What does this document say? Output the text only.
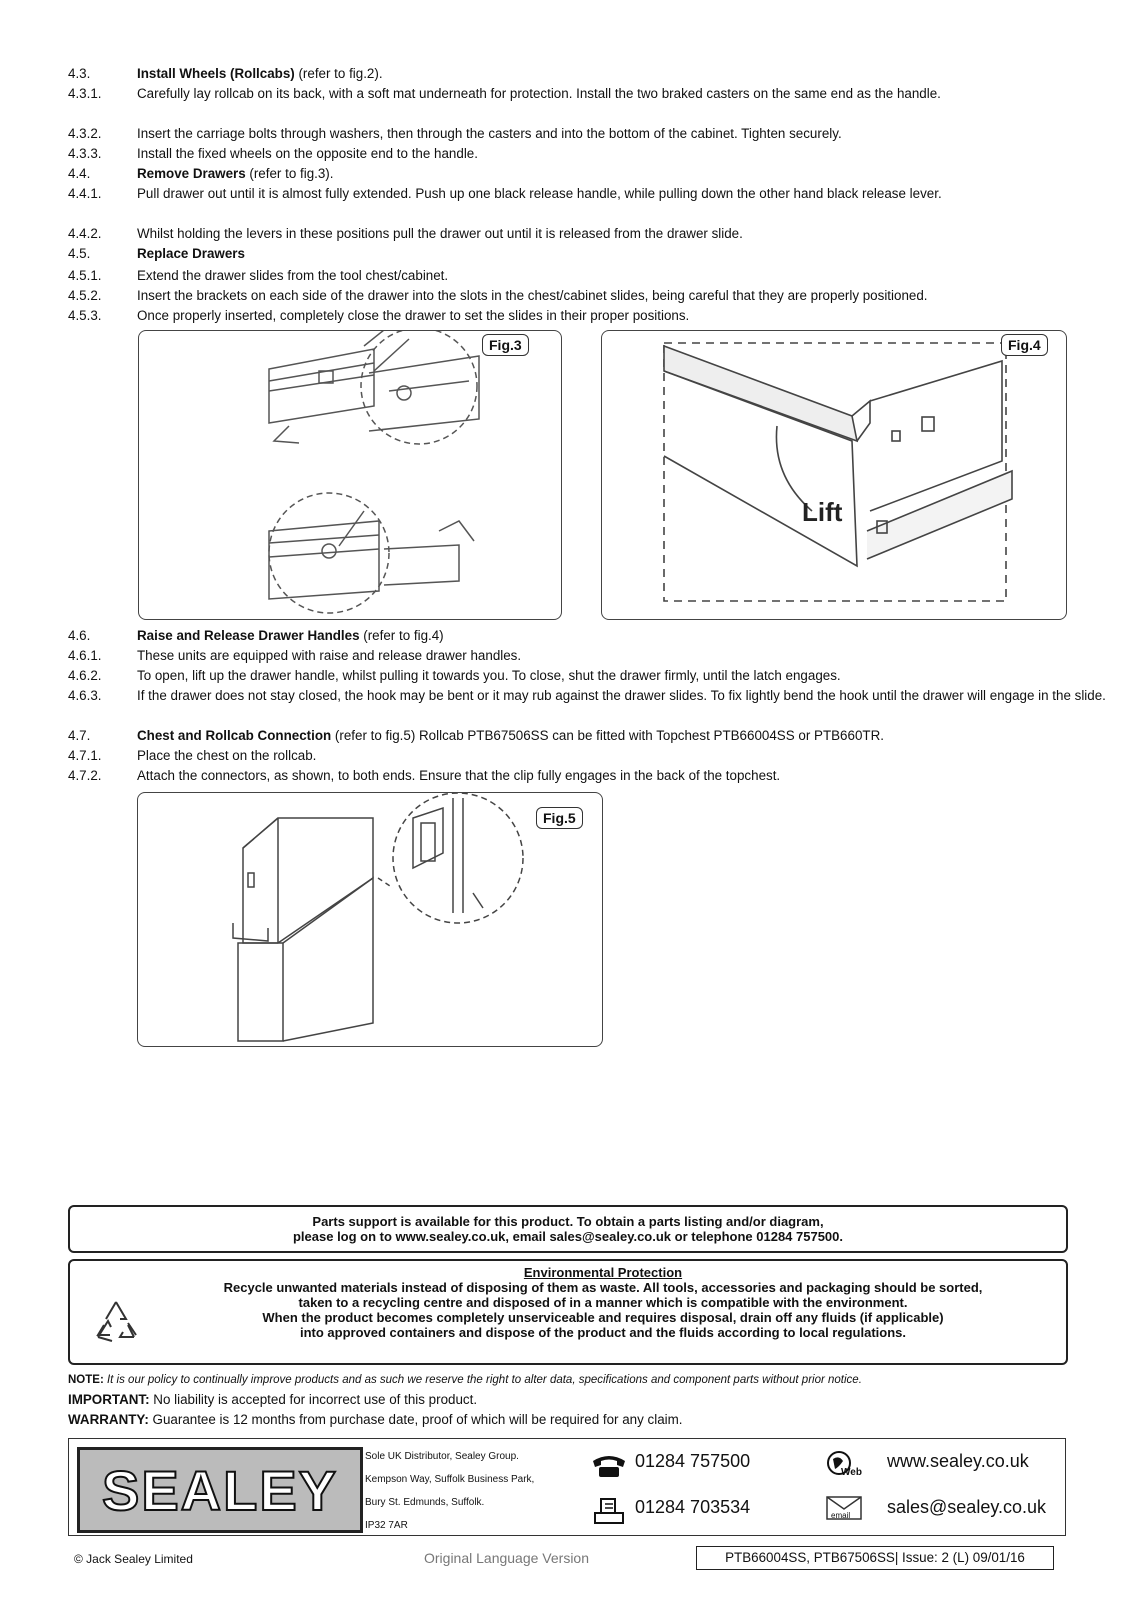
4.3.	Install Wheels (Rollcabs) (refer to fig.2).
4.3.1.	Carefully lay rollcab on its back, with a soft mat underneath for protection. Install the two braked casters on the same end as the handle.
4.3.2.	Insert the carriage bolts through washers, then through the casters and into the bottom of the cabinet. Tighten securely.
4.3.3.	Install the fixed wheels on the opposite end to the handle.
4.4.	Remove Drawers (refer to fig.3).
4.4.1.	Pull drawer out until it is almost fully extended. Push up one black release handle, while pulling down the other hand black release lever.
4.4.2.	Whilst holding the levers in these positions pull the drawer out until it is released from the drawer slide.
4.5.	Replace Drawers
4.5.1.	Extend the drawer slides from the tool chest/cabinet.
4.5.2.	Insert the brackets on each side of the drawer into the slots in the chest/cabinet slides, being careful that they are properly positioned.
4.5.3.	Once properly inserted, completely close the drawer to set the slides in their proper positions.
Fig.3
Lift
Fig.4
4.6.	Raise and Release Drawer Handles (refer to fig.4)
4.6.1.	These units are equipped with raise and release drawer handles.
4.6.2.	To open, lift up the drawer handle, whilst pulling it towards you. To close, shut the drawer firmly, until the latch engages.
4.6.3.	If the drawer does not stay closed, the hook may be bent or it may rub against the drawer slides. To fix lightly bend the hook until the drawer will engage in the slide.
4.7.	Chest and Rollcab Connection (refer to fig.5) Rollcab PTB67506SS can be fitted with Topchest PTB66004SS or PTB660TR.
4.7.1.	Place the chest on the rollcab.
4.7.2.	Attach the connectors, as shown, to both ends. Ensure that the clip fully engages in the back of the topchest.
Fig.5
Parts support is available for this product. To obtain a parts listing and/or diagram,
please log on to www.sealey.co.uk, email sales@sealey.co.uk or telephone 01284 757500.
Environmental Protection
Recycle unwanted materials instead of disposing of them as waste. All tools, accessories and packaging should be sorted,
taken to a recycling centre and disposed of in a manner which is compatible with the environment.
When the product becomes completely unserviceable and requires disposal, drain off any fluids (if applicable)
into approved containers and dispose of the product and the fluids according to local regulations.
NOTE: It is our policy to continually improve products and as such we reserve the right to alter data, specifications and component parts without prior notice.
IMPORTANT: No liability is accepted for incorrect use of this product.
WARRANTY: Guarantee is 12 months from purchase date, proof of which will be required for any claim.
SEALEY
Sole UK Distributor, Sealey Group.
Kempson Way, Suffolk Business Park,
Bury St. Edmunds, Suffolk.
IP32 7AR
01284 757500
01284 703534
Web
www.sealey.co.uk
email sales@sealey.co.uk
© Jack Sealey Limited	Original Language Version	PTB66004SS, PTB67506SS| Issue: 2 (L) 09/01/16
